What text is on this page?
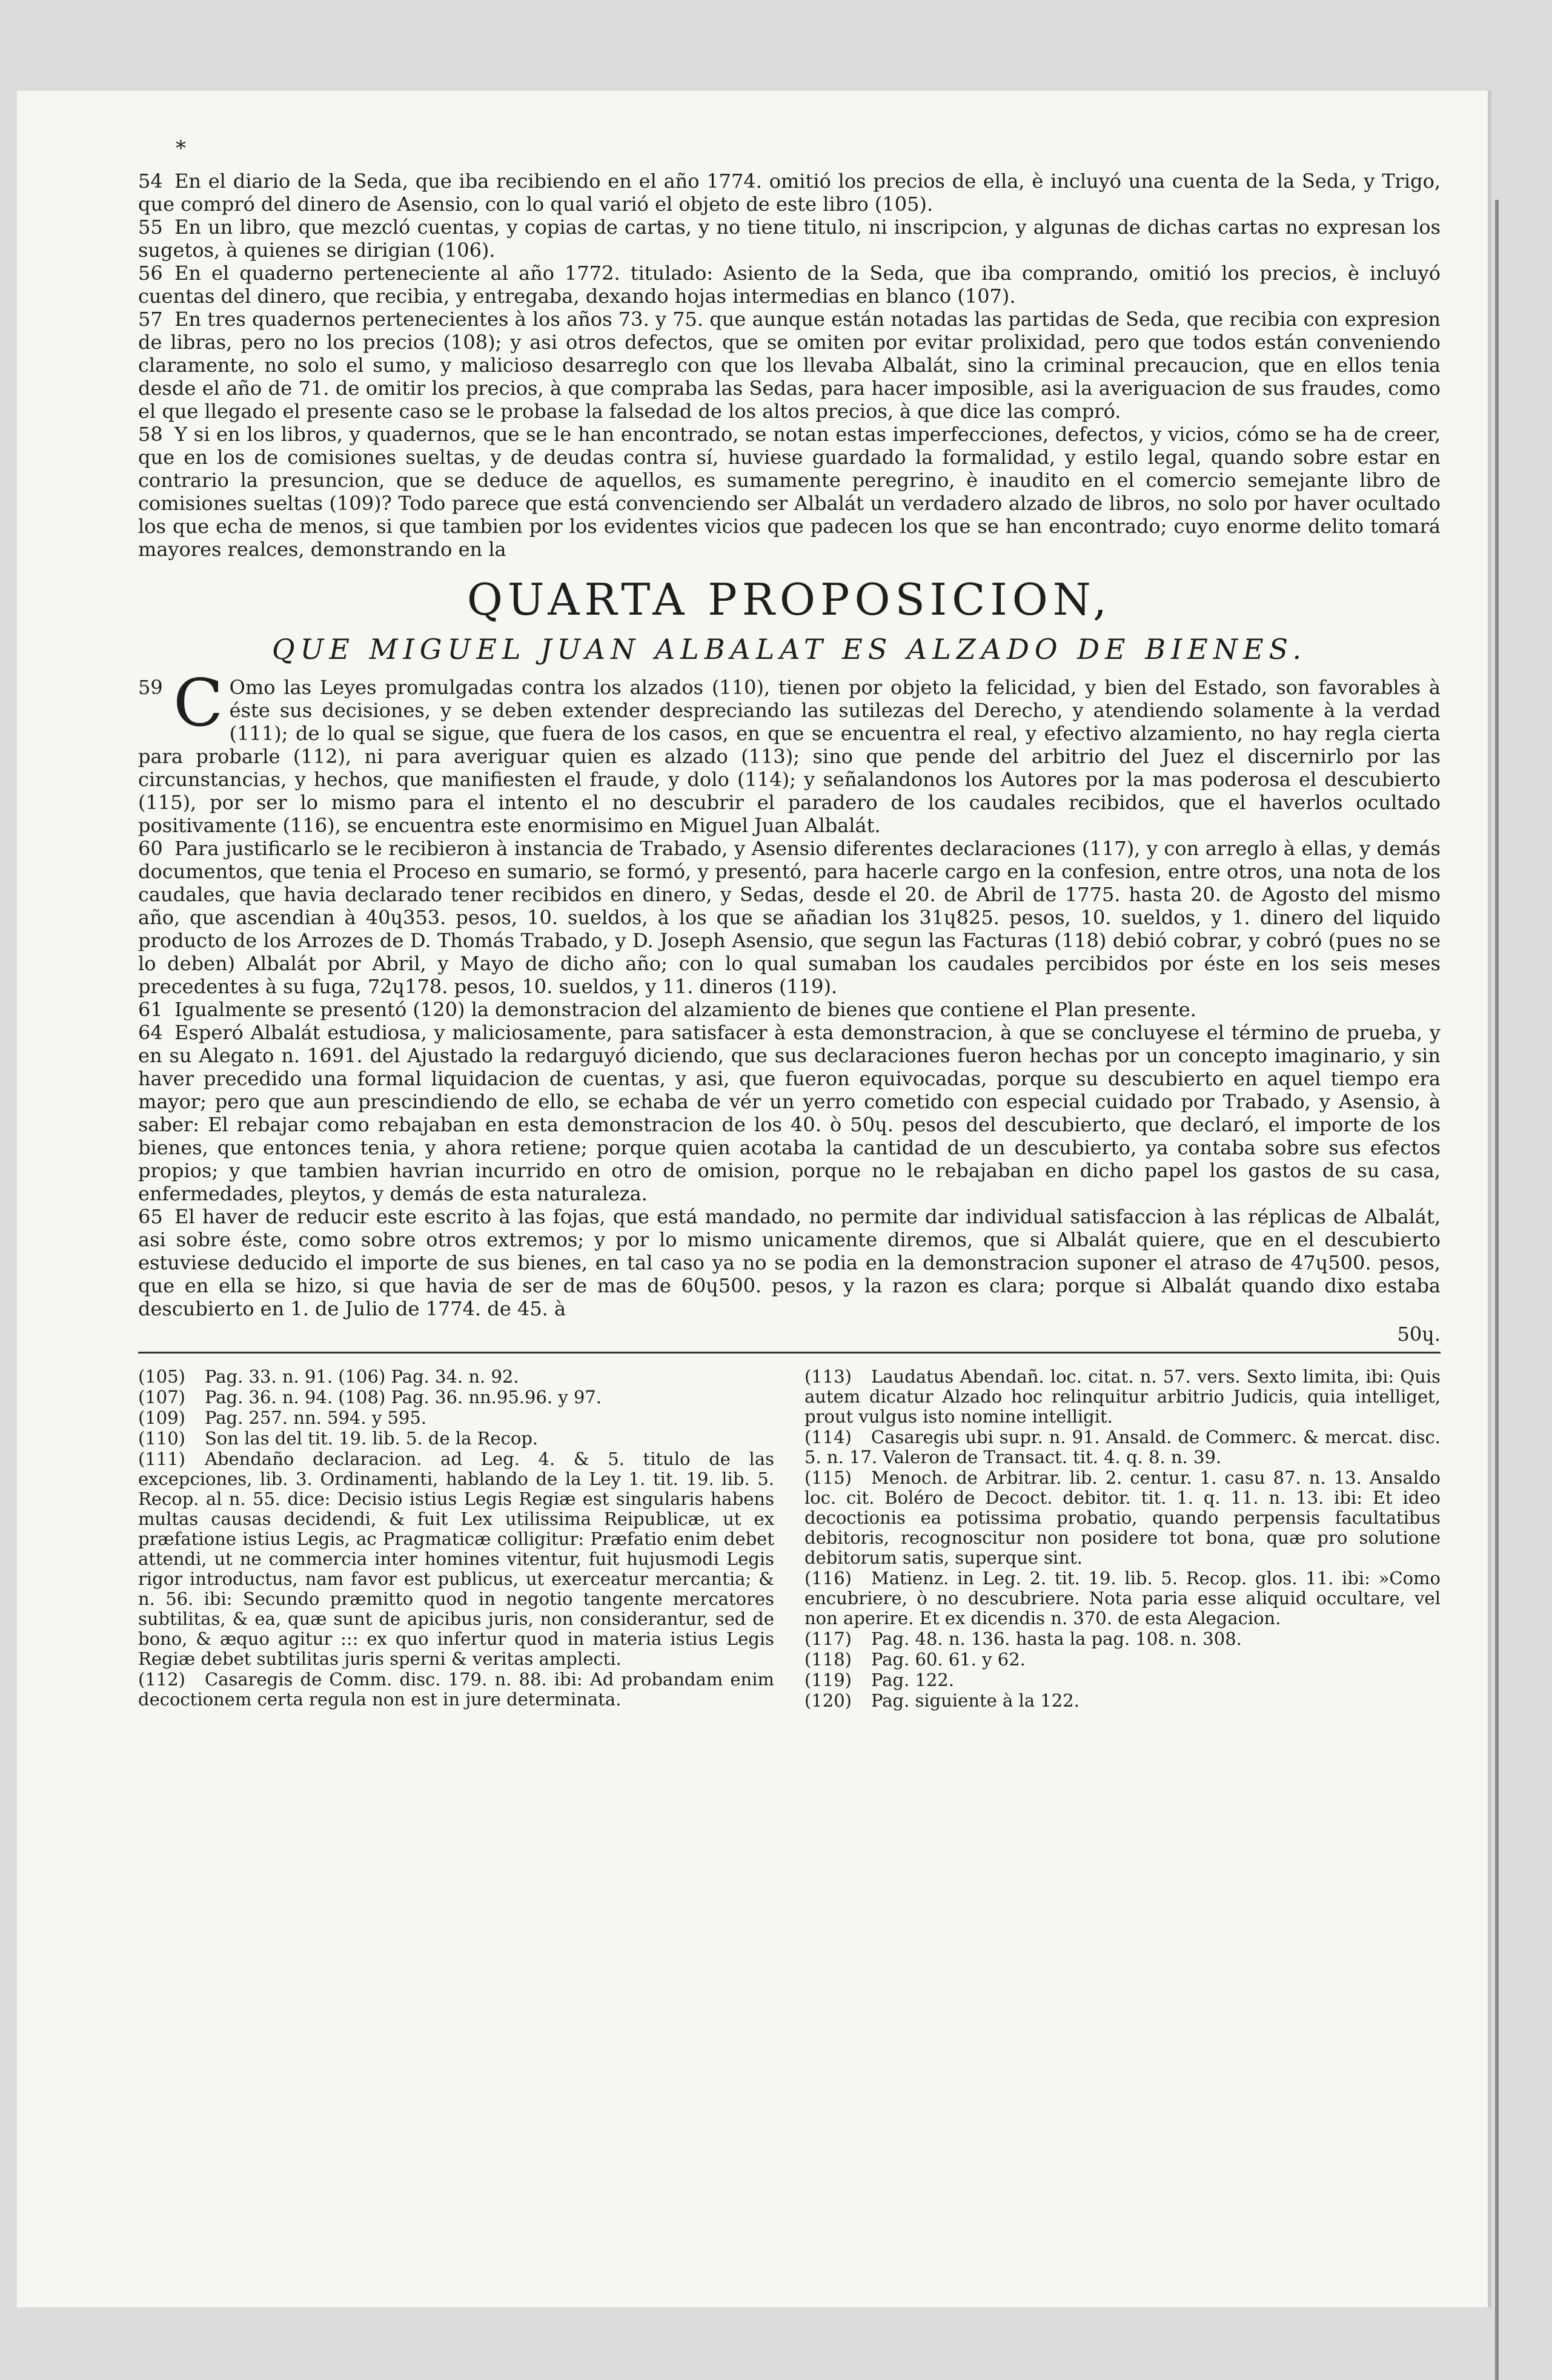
*

54 En el diario de la Seda, que iba recibiendo en el año 1774. omitió los precios de ella, è incluyó una cuenta de la Seda, y Trigo, que compró del dinero de Asensio, con lo qual varió el objeto de este libro (105).

55 En un libro, que mezcló cuentas, y copias de cartas, y no tiene titulo, ni inscripcion, y algunas de dichas cartas no expresan los sugetos, à quienes se dirigian (106).

56 En el quaderno perteneciente al año 1772. titulado: Asiento de la Seda, que iba comprando, omitió los precios, è incluyó cuentas del dinero, que recibia, y entregaba, dexando hojas intermedias en blanco (107).

57 En tres quadernos pertenecientes à los años 73. y 75. que aunque están notadas las partidas de Seda, que recibia con expresion de libras, pero no los precios (108); y asi otros defectos, que se omiten por evitar prolixidad, pero que todos están conveniendo claramente, no solo el sumo, y malicioso desarreglo con que los llevaba Albalát, sino la criminal precaucion, que en ellos tenia desde el año de 71. de omitir los precios, à que compraba las Sedas, para hacer imposible, asi la averiguacion de sus fraudes, como el que llegado el presente caso se le probase la falsedad de los altos precios, à que dice las compró.

58 Y si en los libros, y quadernos, que se le han encontrado, se notan estas imperfecciones, defectos, y vicios, cómo se ha de creer, que en los de comisiones sueltas, y de deudas contra sí, huviese guardado la formalidad, y estilo legal, quando sobre estar en contrario la presuncion, que se deduce de aquellos, es sumamente peregrino, è inaudito en el comercio semejante libro de comisiones sueltas (109)? Todo parece que está convenciendo ser Albalát un verdadero alzado de libros, no solo por haver ocultado los que echa de menos, si que tambien por los evidentes vicios que padecen los que se han encontrado; cuyo enorme delito tomará mayores realces, demonstrando en la

QUARTA PROPOSICION,
QUE MIGUEL JUAN ALBALAT ES ALZADO DE BIENES.

59 C Omo las Leyes promulgadas contra los alzados (110), tienen por objeto la felicidad, y bien del Estado, son favorables à éste sus decisiones, y se deben extender despreciando las sutilezas del Derecho, y atendiendo solamente à la verdad (111); de lo qual se sigue, que fuera de los casos, en que se encuentra el real, y efectivo alzamiento, no hay regla cierta para probarle (112), ni para averiguar quien es alzado (113); sino que pende del arbitrio del Juez el discernirlo por las circunstancias, y hechos, que manifiesten el fraude, y dolo (114); y señalandonos los Autores por la mas poderosa el descubierto (115), por ser lo mismo para el intento el no descubrir el paradero de los caudales recibidos, que el haverlos ocultado positivamente (116), se encuentra este enormisimo en Miguel Juan Albalát.

60 Para justificarlo se le recibieron à instancia de Trabado, y Asensio diferentes declaraciones (117), y con arreglo à ellas, y demás documentos, que tenia el Proceso en sumario, se formó, y presentó, para hacerle cargo en la confesion, entre otros, una nota de los caudales, que havia declarado tener recibidos en dinero, y Sedas, desde el 20. de Abril de 1775. hasta 20. de Agosto del mismo año, que ascendian à 40ɥ353. pesos, 10. sueldos, à los que se añadian los 31ɥ825. pesos, 10. sueldos, y 1. dinero del liquido producto de los Arrozes de D. Thomás Trabado, y D. Joseph Asensio, que segun las Facturas (118) debió cobrar, y cobró (pues no se lo deben) Albalát por Abril, y Mayo de dicho año; con lo qual sumaban los caudales percibidos por éste en los seis meses precedentes à su fuga, 72ɥ178. pesos, 10. sueldos, y 11. dineros (119).

61 Igualmente se presentó (120) la demonstracion del alzamiento de bienes que contiene el Plan presente.

64 Esperó Albalát estudiosa, y maliciosamente, para satisfacer à esta demonstracion, à que se concluyese el término de prueba, y en su Alegato n. 1691. del Ajustado la redarguyó diciendo, que sus declaraciones fueron hechas por un concepto imaginario, y sin haver precedido una formal liquidacion de cuentas, y asi, que fueron equivocadas, porque su descubierto en aquel tiempo era mayor; pero que aun prescindiendo de ello, se echaba de vér un yerro cometido con especial cuidado por Trabado, y Asensio, à saber: El rebajar como rebajaban en esta demonstracion de los 40. ò 50ɥ. pesos del descubierto, que declaró, el importe de los bienes, que entonces tenia, y ahora retiene; porque quien acotaba la cantidad de un descubierto, ya contaba sobre sus efectos propios; y que tambien havrian incurrido en otro de omision, porque no le rebajaban en dicho papel los gastos de su casa, enfermedades, pleytos, y demás de esta naturaleza.

65 El haver de reducir este escrito à las fojas, que está mandado, no permite dar individual satisfaccion à las réplicas de Albalát, asi sobre éste, como sobre otros extremos; y por lo mismo unicamente diremos, que si Albalát quiere, que en el descubierto estuviese deducido el importe de sus bienes, en tal caso ya no se podia en la demonstracion suponer el atraso de 47ɥ500. pesos, que en ella se hizo, si que havia de ser de mas de 60ɥ500. pesos, y la razon es clara; porque si Albalát quando dixo estaba descubierto en 1. de Julio de 1774. de 45. à

50ɥ.

(105) Pag. 33. n. 91. (106) Pag. 34. n. 92.

(107) Pag. 36. n. 94. (108) Pag. 36. nn.95.96. y 97.

(109) Pag. 257. nn. 594. y 595.

(110) Son las del tit. 19. lib. 5. de la Recop.

(111) Abendaño declaracion. ad Leg. 4. & 5. titulo de las excepciones, lib. 3. Ordinamenti, hablando de la Ley 1. tit. 19. lib. 5. Recop. al n. 55. dice: Decisio istius Legis Regiæ est singularis habens multas causas decidendi, & fuit Lex utilissima Reipublicæ, ut ex præfatione istius Legis, ac Pragmaticæ colligitur: Præfatio enim debet attendi, ut ne commercia inter homines vitentur, fuit hujusmodi Legis rigor introductus, nam favor est publicus, ut exerceatur mercantia; & n. 56. ibi: Secundo præmitto quod in negotio tangente mercatores subtilitas, & ea, quæ sunt de apicibus juris, non considerantur, sed de bono, & æquo agitur ::: ex quo infertur quod in materia istius Legis Regiæ debet subtilitas juris sperni & veritas amplecti.

(112) Casaregis de Comm. disc. 179. n. 88. ibi: Ad probandam enim decoctionem certa regula non est in jure determinata.

(113) Laudatus Abendañ. loc. citat. n. 57. vers. Sexto limita, ibi: Quis autem dicatur Alzado hoc relinquitur arbitrio Judicis, quia intelliget, prout vulgus isto nomine intelligit.

(114) Casaregis ubi supr. n. 91. Ansald. de Commerc. & mercat. disc. 5. n. 17. Valeron de Transact. tit. 4. q. 8. n. 39.

(115) Menoch. de Arbitrar. lib. 2. centur. 1. casu 87. n. 13. Ansaldo loc. cit. Boléro de Decoct. debitor. tit. 1. q. 11. n. 13. ibi: Et ideo decoctionis ea potissima probatio, quando perpensis facultatibus debitoris, recognoscitur non posidere tot bona, quæ pro solutione debitorum satis, superque sint.

(116) Matienz. in Leg. 2. tit. 19. lib. 5. Recop. glos. 11. ibi: »Como encubriere, ò no descubriere. Nota paria esse aliquid occultare, vel non aperire. Et ex dicendis n. 370. de esta Alegacion.

(117) Pag. 48. n. 136. hasta la pag. 108. n. 308.

(118) Pag. 60. 61. y 62.

(119) Pag. 122.

(120) Pag. siguiente à la 122.
